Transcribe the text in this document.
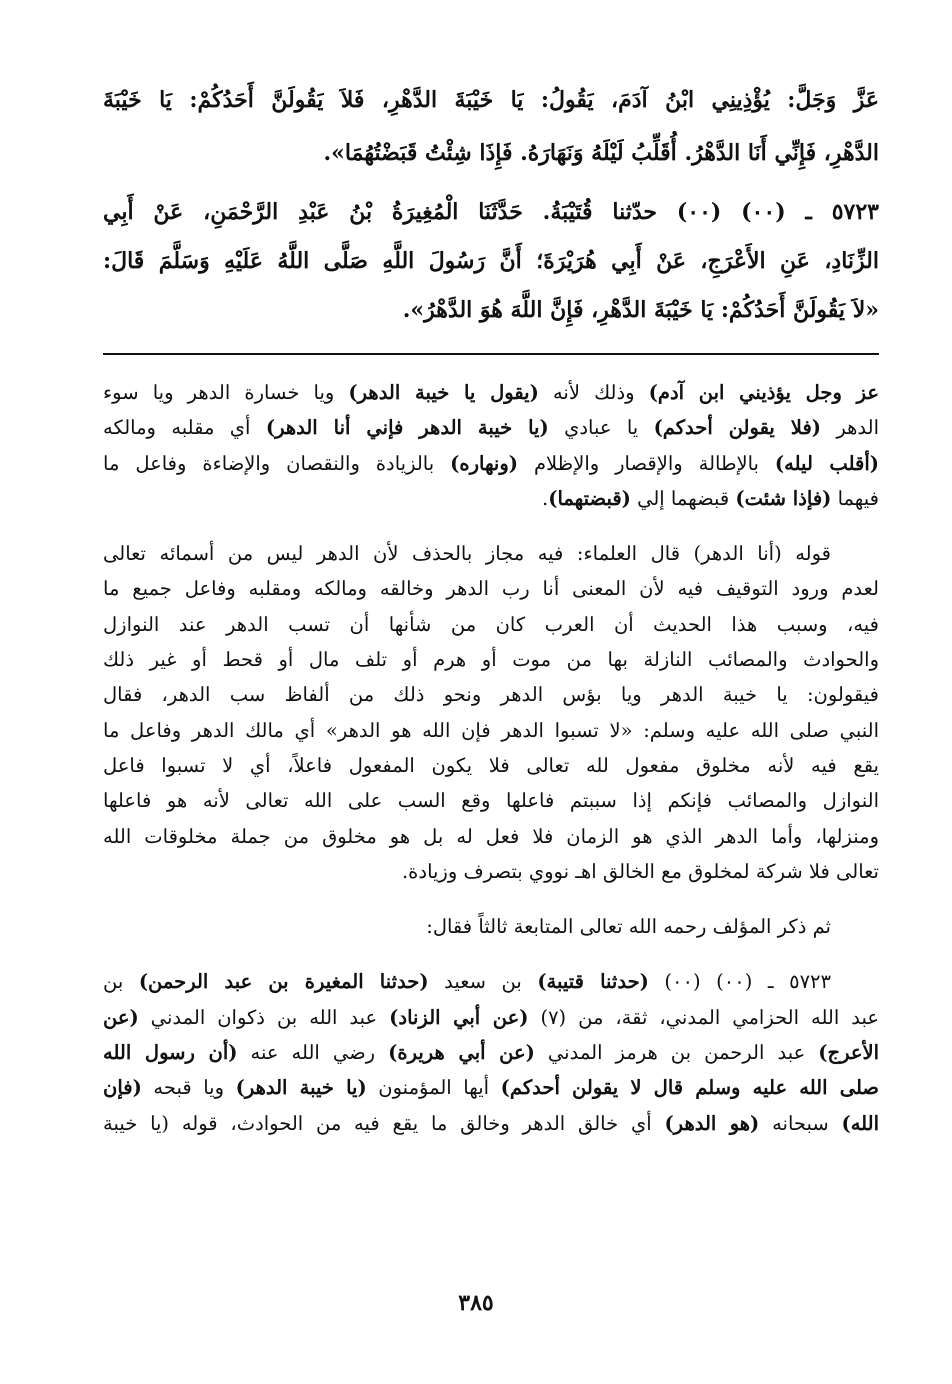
عَزَّ وَجَلَّ: يُؤْذِينِي ابْنُ آدَمَ، يَقُولُ: يَا خَيْبَةَ الدَّهْرِ، فَلاَ يَقُولَنَّ أَحَدُكُمْ: يَا خَيْبَةَ
الدَّهْرِ، فَإِنِّي أَنَا الدَّهْرُ. أُقَلِّبُ لَيْلَهُ وَنَهَارَهُ. فَإِذَا شِئْتُ قَبَضْتُهُمَا».
٥٧٢٣ ـ (٠٠) (٠٠) حدّثنا قُتَيْبَةُ. حَدَّثَنَا الْمُغِيرَةُ بْنُ عَبْدِ الرَّحْمَنِ، عَنْ أَبِي
الزِّنَادِ، عَنِ الأَعْرَجِ، عَنْ أَبِي هُرَيْرَةَ؛ أَنَّ رَسُولَ اللَّهِ صَلَّى اللَّهُ عَلَيْهِ وَسَلَّمَ قَالَ:
«لاَ يَقُولَنَّ أَحَدُكُمْ: يَا خَيْبَةَ الدَّهْرِ، فَإِنَّ اللَّهَ هُوَ الدَّهْرُ».
عز وجل يؤذيني ابن آدم) وذلك لأنه (يقول يا خيبة الدهر) ويا خسارة الدهر ويا سوء
الدهر (فلا يقولن أحدكم) يا عبادي (يا خيبة الدهر فإني أنا الدهر) أي مقلبه ومالكه
(أقلب ليله) بالإطالة والإقصار والإظلام (ونهاره) بالزيادة والنقصان والإضاءة وفاعل ما
فيهما (فإذا شئت) قبضهما إلي (قبضتهما).
قوله (أنا الدهر) قال العلماء: فيه مجاز بالحذف لأن الدهر ليس من أسمائه تعالى
لعدم ورود التوقيف فيه لأن المعنى أنا رب الدهر وخالقه ومالكه ومقلبه وفاعل جميع ما
فيه، وسبب هذا الحديث أن العرب كان من شأنها أن تسب الدهر عند النوازل
والحوادث والمصائب النازلة بها من موت أو هرم أو تلف مال أو قحط أو غير ذلك
فيقولون: يا خيبة الدهر ويا بؤس الدهر ونحو ذلك من ألفاظ سب الدهر، فقال
النبي صلى الله عليه وسلم: «لا تسبوا الدهر فإن الله هو الدهر» أي مالك الدهر وفاعل ما
يقع فيه لأنه مخلوق مفعول لله تعالى فلا يكون المفعول فاعلاً، أي لا تسبوا فاعل
النوازل والمصائب فإنكم إذا سببتم فاعلها وقع السب على الله تعالى لأنه هو فاعلها
ومنزلها، وأما الدهر الذي هو الزمان فلا فعل له بل هو مخلوق من جملة مخلوقات الله
تعالى فلا شركة لمخلوق مع الخالق اهـ نووي بتصرف وزيادة.
ثم ذكر المؤلف رحمه الله تعالى المتابعة ثالثاً فقال:
٥٧٢٣ ـ (٠٠) (٠٠) (حدثنا قتيبة) بن سعيد (حدثنا المغيرة بن عبد الرحمن) بن
عبد الله الحزامي المدني، ثقة، من (٧) (عن أبي الزناد) عبد الله بن ذكوان المدني (عن
الأعرج) عبد الرحمن بن هرمز المدني (عن أبي هريرة) رضي الله عنه (أن رسول الله
صلى الله عليه وسلم قال لا يقولن أحدكم) أيها المؤمنون (يا خيبة الدهر) ويا قبحه (فإن
الله) سبحانه (هو الدهر) أي خالق الدهر وخالق ما يقع فيه من الحوادث، قوله (يا خيبة
٣٨٥
